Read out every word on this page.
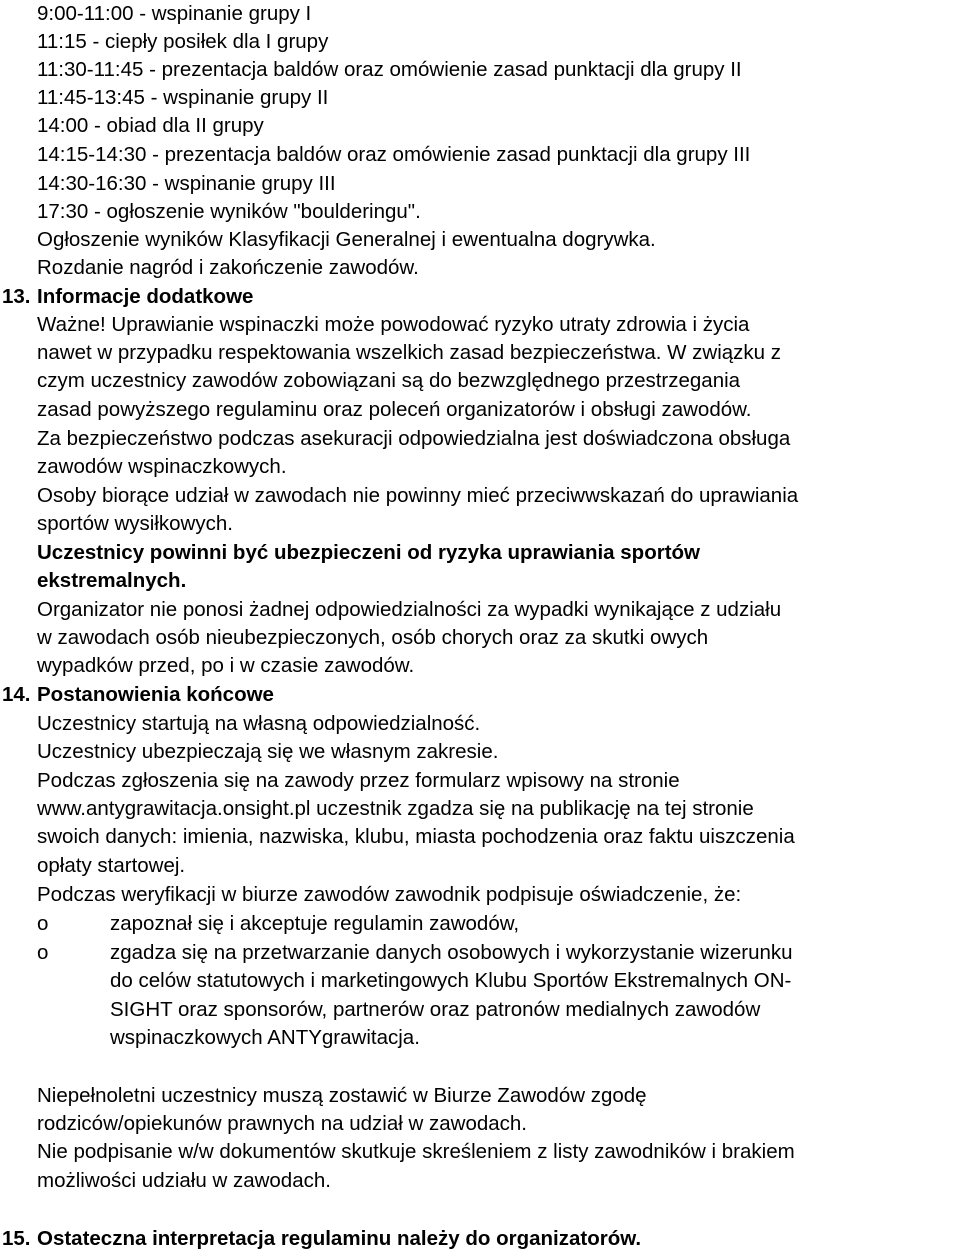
9:00-11:00 - wspinanie grupy I
11:15 - ciepły posiłek dla I grupy
11:30-11:45 - prezentacja baldów oraz omówienie zasad punktacji dla grupy II
11:45-13:45 - wspinanie grupy II
14:00 - obiad dla II grupy
14:15-14:30 - prezentacja baldów oraz omówienie zasad punktacji dla grupy III
14:30-16:30 - wspinanie grupy III
17:30 - ogłoszenie wyników "boulderingu".
Ogłoszenie wyników Klasyfikacji Generalnej i ewentualna dogrywka.
Rozdanie nagród i zakończenie zawodów.
13. Informacje dodatkowe
Ważne! Uprawianie wspinaczki może powodować ryzyko utraty zdrowia i życia
nawet w przypadku respektowania wszelkich zasad bezpieczeństwa. W związku z
czym uczestnicy zawodów zobowiązani są do bezwzględnego przestrzegania
zasad powyższego regulaminu oraz poleceń organizatorów i obsługi zawodów.
Za bezpieczeństwo podczas asekuracji odpowiedzialna jest doświadczona obsługa
zawodów wspinaczkowych.
Osoby biorące udział w zawodach nie powinny mieć przeciwwskazań do uprawiania
sportów wysiłkowych.
Uczestnicy powinni być ubezpieczeni od ryzyka uprawiania sportów
ekstremalnych.
Organizator nie ponosi żadnej odpowiedzialności za wypadki wynikające z udziału
w zawodach osób nieubezpieczonych, osób chorych oraz za skutki owych
wypadków przed, po i w czasie zawodów.
14. Postanowienia końcowe
Uczestnicy startują na własną odpowiedzialność.
Uczestnicy ubezpieczają się we własnym zakresie.
Podczas zgłoszenia się na zawody przez formularz wpisowy na stronie
www.antygrawitacja.onsight.pl uczestnik zgadza się na publikację na tej stronie
swoich danych: imienia, nazwiska, klubu, miasta pochodzenia oraz faktu uiszczenia
opłaty startowej.
Podczas weryfikacji w biurze zawodów zawodnik podpisuje oświadczenie, że:
o	zapoznał się i akceptuje regulamin zawodów,
o	zgadza się na przetwarzanie danych osobowych i wykorzystanie wizerunku
do celów statutowych i marketingowych Klubu Sportów Ekstremalnych ON-
SIGHT oraz sponsorów, partnerów oraz patronów medialnych zawodów
wspinaczkowych ANTYgrawitacja.
Niepełnoletni uczestnicy muszą zostawić w Biurze Zawodów zgodę
rodziców/opiekunów prawnych na udział w zawodach.
Nie podpisanie w/w dokumentów skutkuje skreśleniem z listy zawodników i brakiem
możliwości udziału w zawodach.
15. Ostateczna interpretacja regulaminu należy do organizatorów.
